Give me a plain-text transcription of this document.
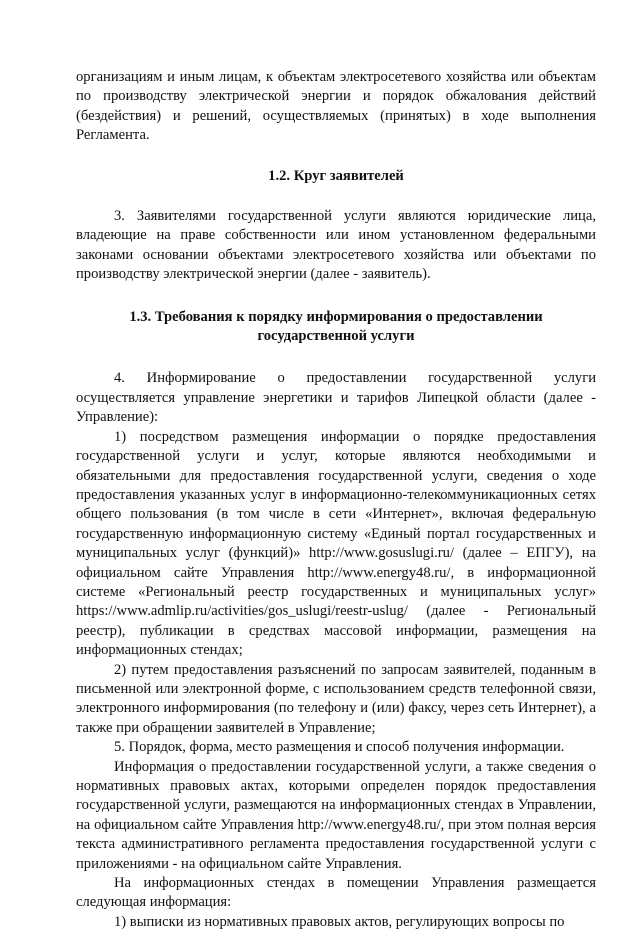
организациям и иным лицам, к объектам электросетевого хозяйства или объектам по производству электрической энергии и порядок обжалования действий (бездействия) и решений, осуществляемых (принятых) в ходе выполнения Регламента.

1.2. Круг заявителей

3. Заявителями государственной услуги являются юридические лица, владеющие на праве собственности или ином установленном федеральными законами основании объектами электросетевого хозяйства или объектами по производству электрической энергии (далее - заявитель).

1.3. Требования к порядку информирования о предоставлении

государственной услуги

4. Информирование о предоставлении государственной услуги осуществляется управление энергетики и тарифов Липецкой области (далее - Управление):

1) посредством размещения информации о порядке предоставления государственной услуги и услуг, которые являются необходимыми и обязательными для предоставления государственной услуги, сведения о ходе предоставления указанных услуг в информационно-телекоммуникационных сетях общего пользования (в том числе в сети «Интернет», включая федеральную государственную информационную систему «Единый портал государственных и муниципальных услуг (функций)» http://www.gosuslugi.ru/ (далее – ЕПГУ), на официальном сайте Управления http://www.energy48.ru/, в информационной системе «Региональный реестр государственных и муниципальных услуг» https://www.admlip.ru/activities/gos_uslugi/reestr-uslug/ (далее - Региональный реестр), публикации в средствах массовой информации, размещения на информационных стендах;

2) путем предоставления разъяснений по запросам заявителей, поданным в письменной или электронной форме, с использованием средств телефонной связи, электронного информирования (по телефону и (или) факсу, через сеть Интернет), а также при обращении заявителей в Управление;

5. Порядок, форма, место размещения и способ получения информации.

Информация о предоставлении государственной услуги, а также сведения о нормативных правовых актах, которыми определен порядок предоставления государственной услуги, размещаются на информационных стендах в Управлении, на официальном сайте Управления http://www.energy48.ru/, при этом полная версия текста административного регламента предоставления государственной услуги с приложениями - на официальном сайте Управления.

На информационных стендах в помещении Управления размещается следующая информация:

1) выписки из нормативных правовых актов, регулирующих вопросы по
